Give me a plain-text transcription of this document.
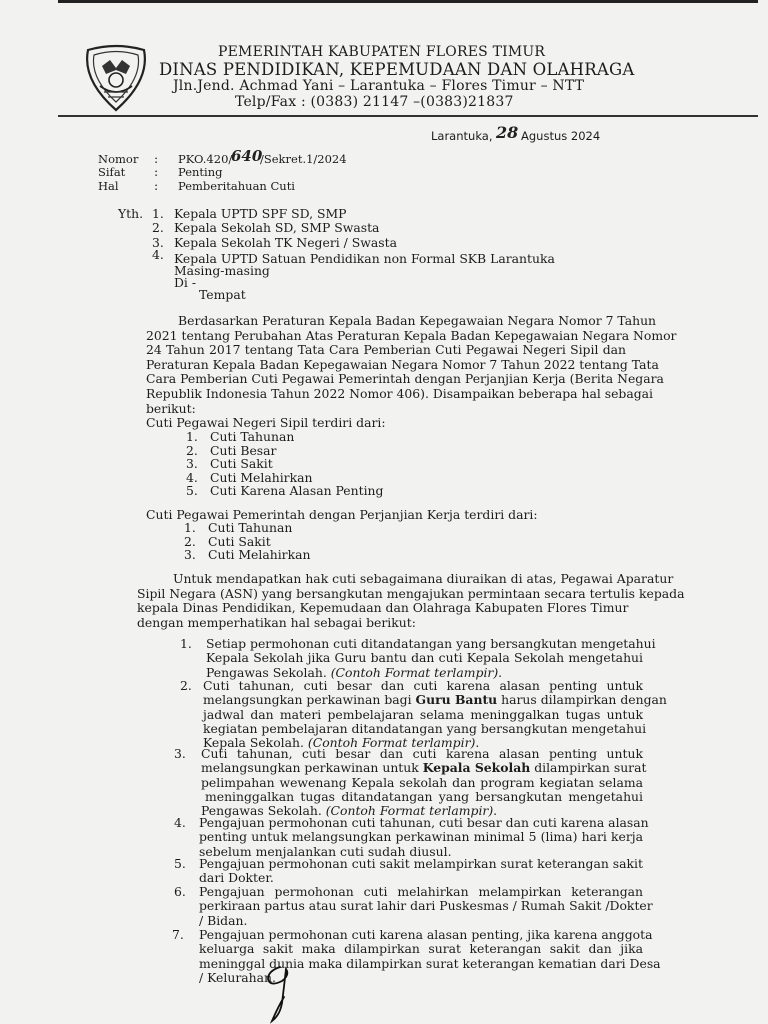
PEMERINTAH KABUPATEN FLORES TIMUR
DINAS PENDIDIKAN, KEPEMUDAAN DAN OLAHRAGA
Jln.Jend. Achmad Yani – Larantuka – Flores Timur – NTT
Telp/Fax : (0383) 21147 –(0383)21837
Larantuka, 28 Agustus 2024
Nomor : PKO.420/
640
/Sekret.1/2024
Sifat : Penting
Hal	: Pemberitahuan Cuti
Yth. 1. Kepala UPTD SPF SD, SMP
2. Kepala Sekolah SD, SMP Swasta
3. Kepala Sekolah TK Negeri / Swasta
4. Kepala UPTD Satuan Pendidikan non Formal SKB Larantuka
Masing-masing
Di -
Tempat
Berdasarkan Peraturan Kepala Badan Kepegawaian Negara Nomor 7 Tahun
2021 tentang Perubahan Atas Peraturan Kepala Badan Kepegawaian Negara Nomor
24 Tahun 2017 tentang Tata Cara Pemberian Cuti Pegawai Negeri Sipil dan
Peraturan Kepala Badan Kepegawaian Negara Nomor 7 Tahun 2022 tentang Tata
Cara Pemberian Cuti Pegawai Pemerintah dengan Perjanjian Kerja (Berita Negara
Republik Indonesia Tahun 2022 Nomor 406). Disampaikan beberapa hal sebagai
berikut:
Cuti Pegawai Negeri Sipil terdiri dari:
1. Cuti Tahunan
2. Cuti Besar
3. Cuti Sakit
4. Cuti Melahirkan
5. Cuti Karena Alasan Penting
Cuti Pegawai Pemerintah dengan Perjanjian Kerja terdiri dari:
1. Cuti Tahunan
2. Cuti Sakit
3. Cuti Melahirkan
Untuk mendapatkan hak cuti sebagaimana diuraikan di atas, Pegawai Aparatur
Sipil Negara (ASN) yang bersangkutan mengajukan permintaan secara tertulis kepada
kepala Dinas Pendidikan, Kepemudaan dan Olahraga Kabupaten Flores Timur
dengan memperhatikan hal sebagai berikut:
1. Setiap permohonan cuti ditandatangan yang bersangkutan mengetahui
Kepala Sekolah jika Guru bantu dan cuti Kepala Sekolah mengetahui
Pengawas Sekolah. (Contoh Format terlampir).
2. Cuti tahunan, cuti besar dan cuti karena alasan penting untuk
melangsungkan perkawinan bagi Guru Bantu harus dilampirkan dengan
jadwal dan materi pembelajaran selama meninggalkan tugas untuk
kegiatan pembelajaran ditandatangan yang bersangkutan mengetahui
Kepala Sekolah. (Contoh Format terlampir).
3. Cuti tahunan, cuti besar dan cuti karena alasan penting untuk
melangsungkan perkawinan untuk Kepala Sekolah dilampirkan surat
pelimpahan wewenang Kepala sekolah dan program kegiatan selama
meninggalkan tugas ditandatangan yang bersangkutan mengetahui
Pengawas Sekolah. (Contoh Format terlampir).
4. Pengajuan permohonan cuti tahunan, cuti besar dan cuti karena alasan
penting untuk melangsungkan perkawinan minimal 5 (lima) hari kerja
sebelum menjalankan cuti sudah diusul.
5. Pengajuan permohonan cuti sakit melampirkan surat keterangan sakit
dari Dokter.
6. Pengajuan permohonan cuti melahirkan melampirkan keterangan
perkiraan partus atau surat lahir dari Puskesmas / Rumah Sakit /Dokter
/ Bidan.
7. Pengajuan permohonan cuti karena alasan penting, jika karena anggota
keluarga sakit maka dilampirkan surat keterangan sakit dan jika
meninggal dunia maka dilampirkan surat keterangan kematian dari Desa
/ Kelurahan.
